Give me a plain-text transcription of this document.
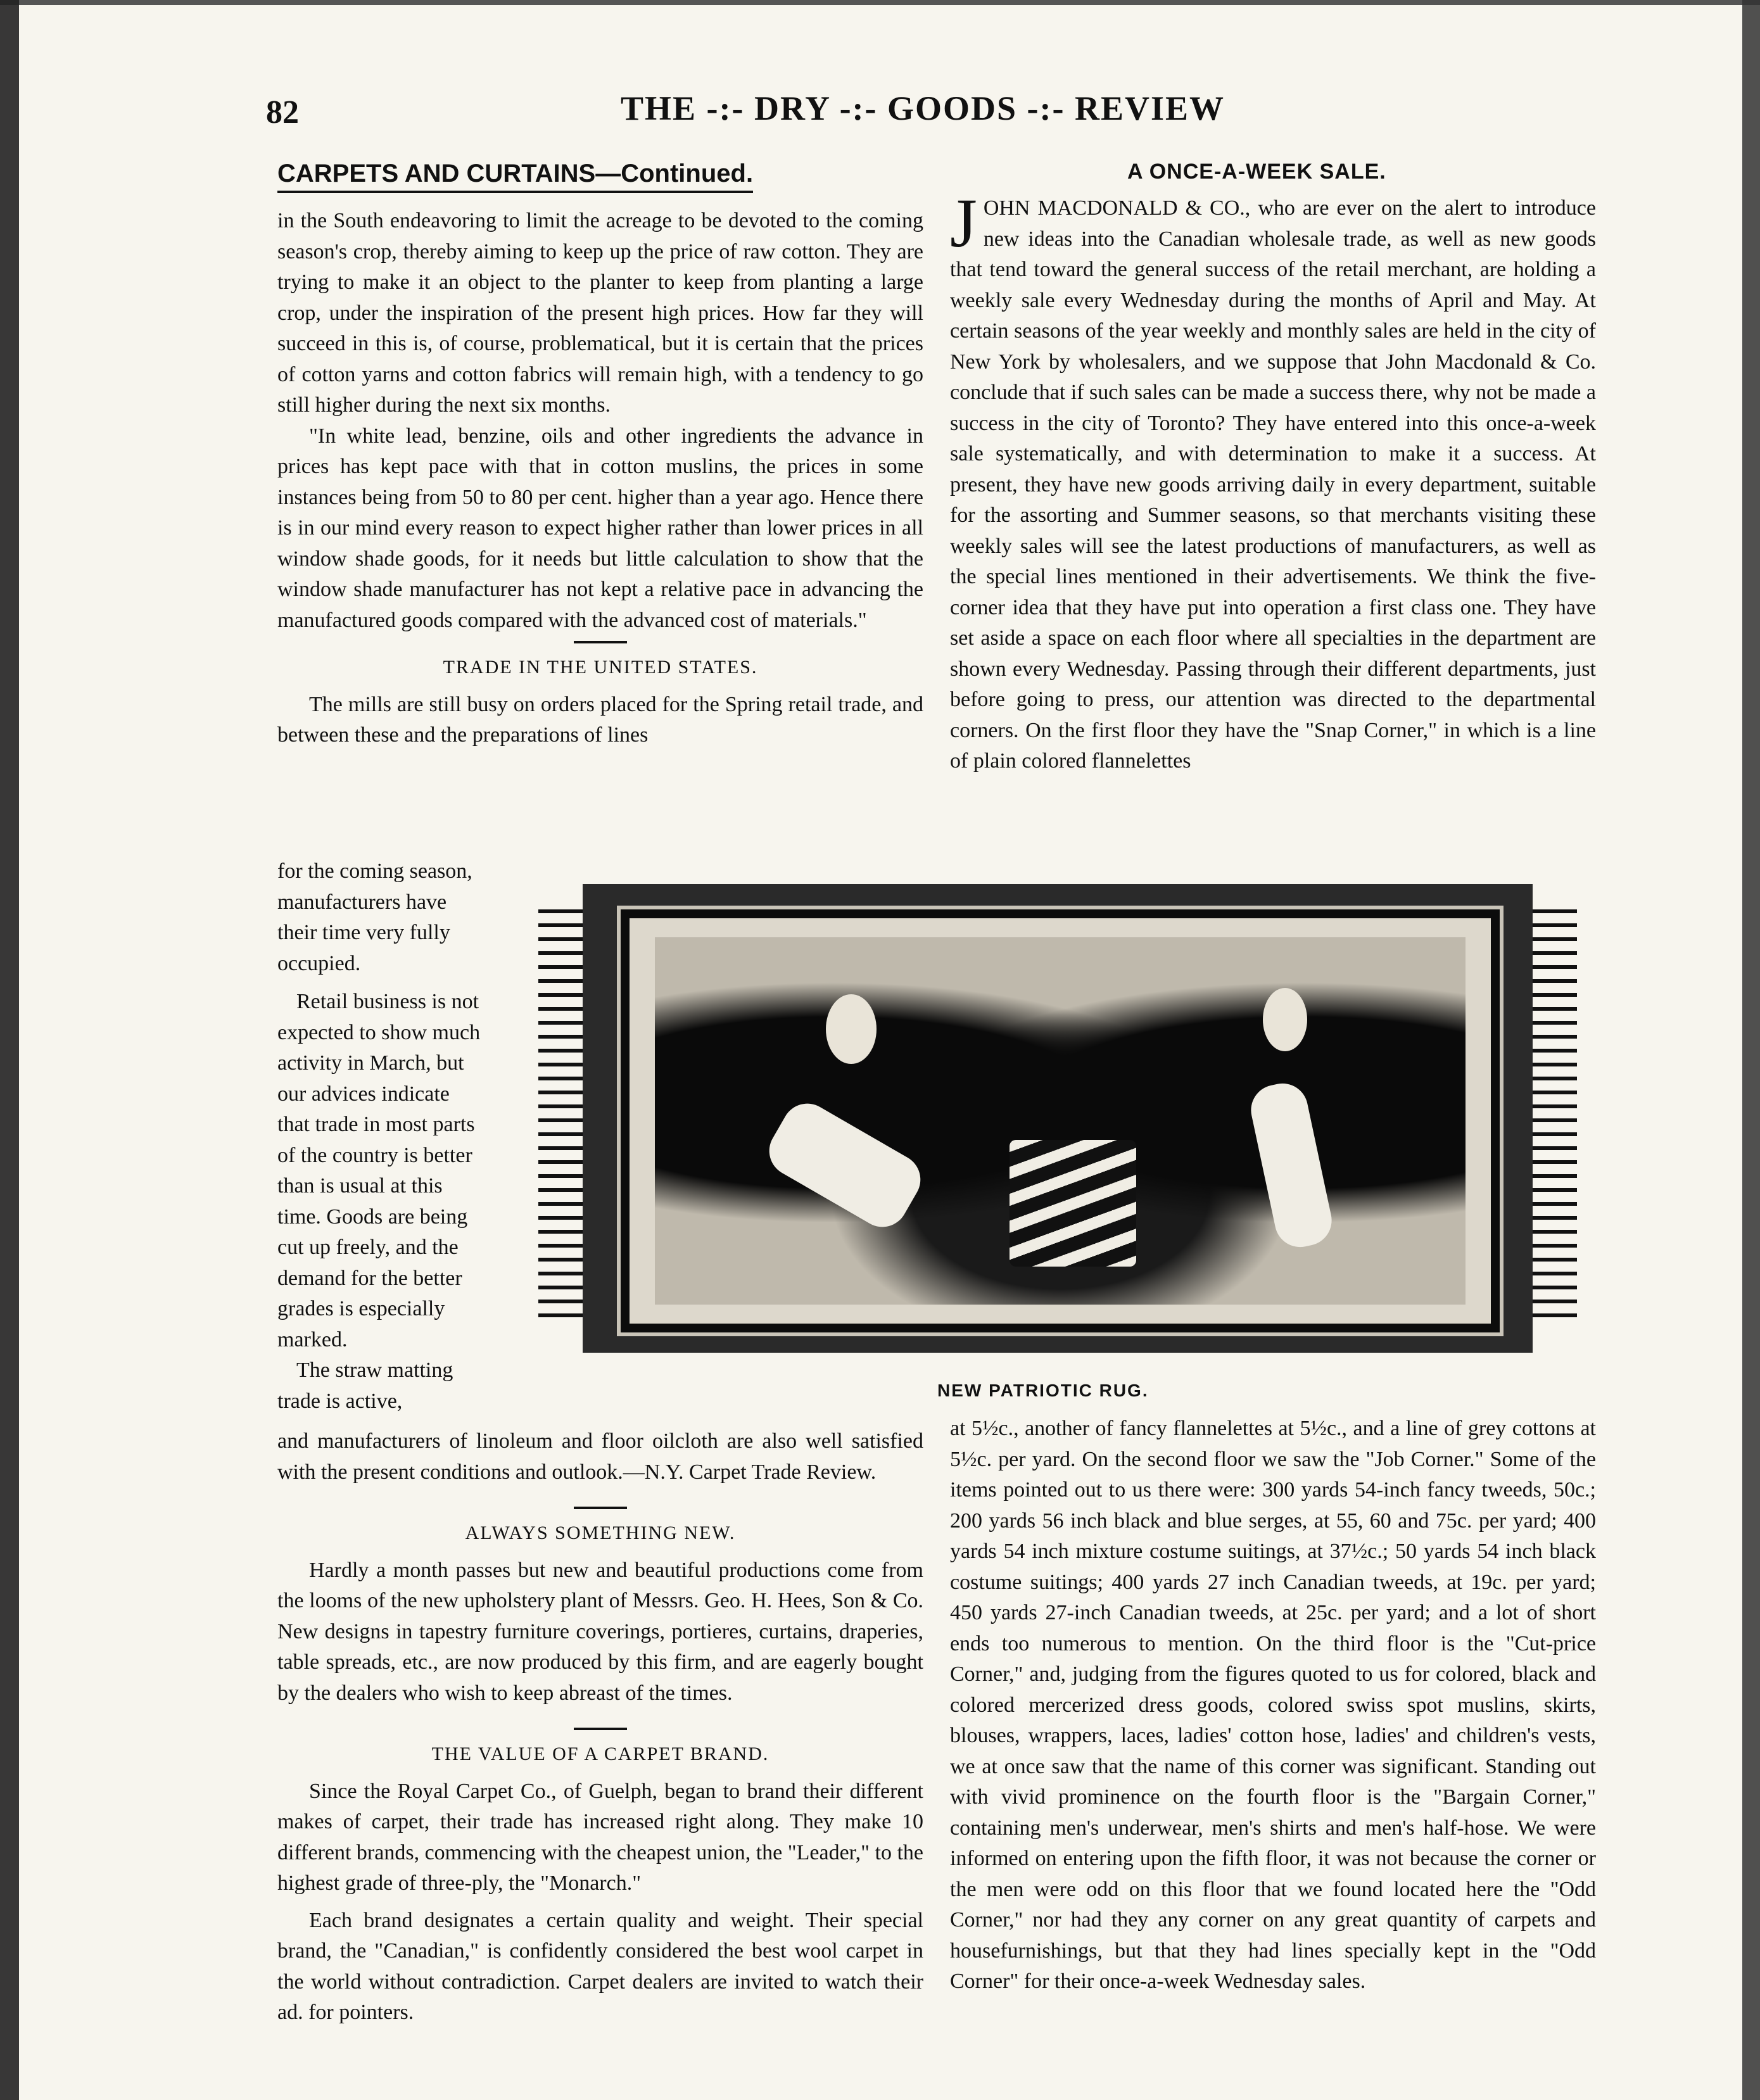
82	THE -:- DRY -:- GOODS -:- REVIEW
CARPETS AND CURTAINS—Continued.

in the South endeavoring to limit the acreage to be devoted to the coming season's crop, thereby aiming to keep up the price of raw cotton. They are trying to make it an object to the planter to keep from planting a large crop, under the inspiration of the present high prices. How far they will succeed in this is, of course, problematical, but it is certain that the prices of cotton yarns and cotton fabrics will remain high, with a tendency to go still higher during the next six months.

"In white lead, benzine, oils and other ingredients the advance in prices has kept pace with that in cotton muslins, the prices in some instances being from 50 to 80 per cent. higher than a year ago. Hence there is in our mind every reason to expect higher rather than lower prices in all window shade goods, for it needs but little calculation to show that the window shade manufacturer has not kept a relative pace in advancing the manufactured goods compared with the advanced cost of materials."

TRADE IN THE UNITED STATES.

The mills are still busy on orders placed for the Spring retail trade, and between these and the preparations of lines

for the coming season, manufacturers have their time very fully occupied.

Retail business is not expected to show much activity in March, but our advices indicate that trade in most parts of the country is better than is usual at this time. Goods are being cut up freely, and the demand for the better grades is especially marked.

The straw matting trade is active,

and manufacturers of linoleum and floor oilcloth are also well satisfied with the present conditions and outlook.—N.Y. Carpet Trade Review.

ALWAYS SOMETHING NEW.

Hardly a month passes but new and beautiful productions come from the looms of the new upholstery plant of Messrs. Geo. H. Hees, Son & Co. New designs in tapestry furniture coverings, portieres, curtains, draperies, table spreads, etc., are now produced by this firm, and are eagerly bought by the dealers who wish to keep abreast of the times.

THE VALUE OF A CARPET BRAND.

Since the Royal Carpet Co., of Guelph, began to brand their different makes of carpet, their trade has increased right along. They make 10 different brands, commencing with the cheapest union, the "Leader," to the highest grade of three-ply, the "Monarch."

Each brand designates a certain quality and weight. Their special brand, the "Canadian," is confidently considered the best wool carpet in the world without contradiction. Carpet dealers are invited to watch their ad. for pointers.

A ONCE-A-WEEK SALE.
J OHN MACDONALD & CO., who are ever on the alert to introduce new ideas into the Canadian wholesale trade, as well as new goods that tend toward the general success of the retail merchant, are holding a weekly sale every Wednesday during the months of April and May. At certain seasons of the year weekly and monthly sales are held in the city of New York by wholesalers, and we suppose that John Macdonald & Co. conclude that if such sales can be made a success there, why not be made a success in the city of Toronto? They have entered into this once-a-week sale systematically, and with determination to make it a success. At present, they have new goods arriving daily in every department, suitable for the assorting and Summer seasons, so that merchants visiting these weekly sales will see the latest productions of manufacturers, as well as the special lines mentioned in their advertisements. We think the five-corner idea that they have put into operation a first class one. They have set aside a space on each floor where all specialties in the department are shown every Wednesday. Passing through their different departments, just before going to press, our attention was directed to the departmental corners. On the first floor they have the "Snap Corner," in which is a line of plain colored flannelettes

NEW PATRIOTIC RUG.

at 5½c., another of fancy flannelettes at 5½c., and a line of grey cottons at 5½c. per yard. On the second floor we saw the "Job Corner." Some of the items pointed out to us there were: 300 yards 54-inch fancy tweeds, 50c.; 200 yards 56 inch black and blue serges, at 55, 60 and 75c. per yard; 400 yards 54 inch mixture costume suitings, at 37½c.; 50 yards 54 inch black costume suitings; 400 yards 27 inch Canadian tweeds, at 19c. per yard; 450 yards 27-inch Canadian tweeds, at 25c. per yard; and a lot of short ends too numerous to mention. On the third floor is the "Cut-price Corner," and, judging from the figures quoted to us for colored, black and colored mercerized dress goods, colored swiss spot muslins, skirts, blouses, wrappers, laces, ladies' cotton hose, ladies' and children's vests, we at once saw that the name of this corner was significant. Standing out with vivid prominence on the fourth floor is the "Bargain Corner," containing men's underwear, men's shirts and men's half-hose. We were informed on entering upon the fifth floor, it was not because the corner or the men were odd on this floor that we found located here the "Odd Corner," nor had they any corner on any great quantity of carpets and housefurnishings, but that they had lines specially kept in the "Odd Corner" for their once-a-week Wednesday sales.
